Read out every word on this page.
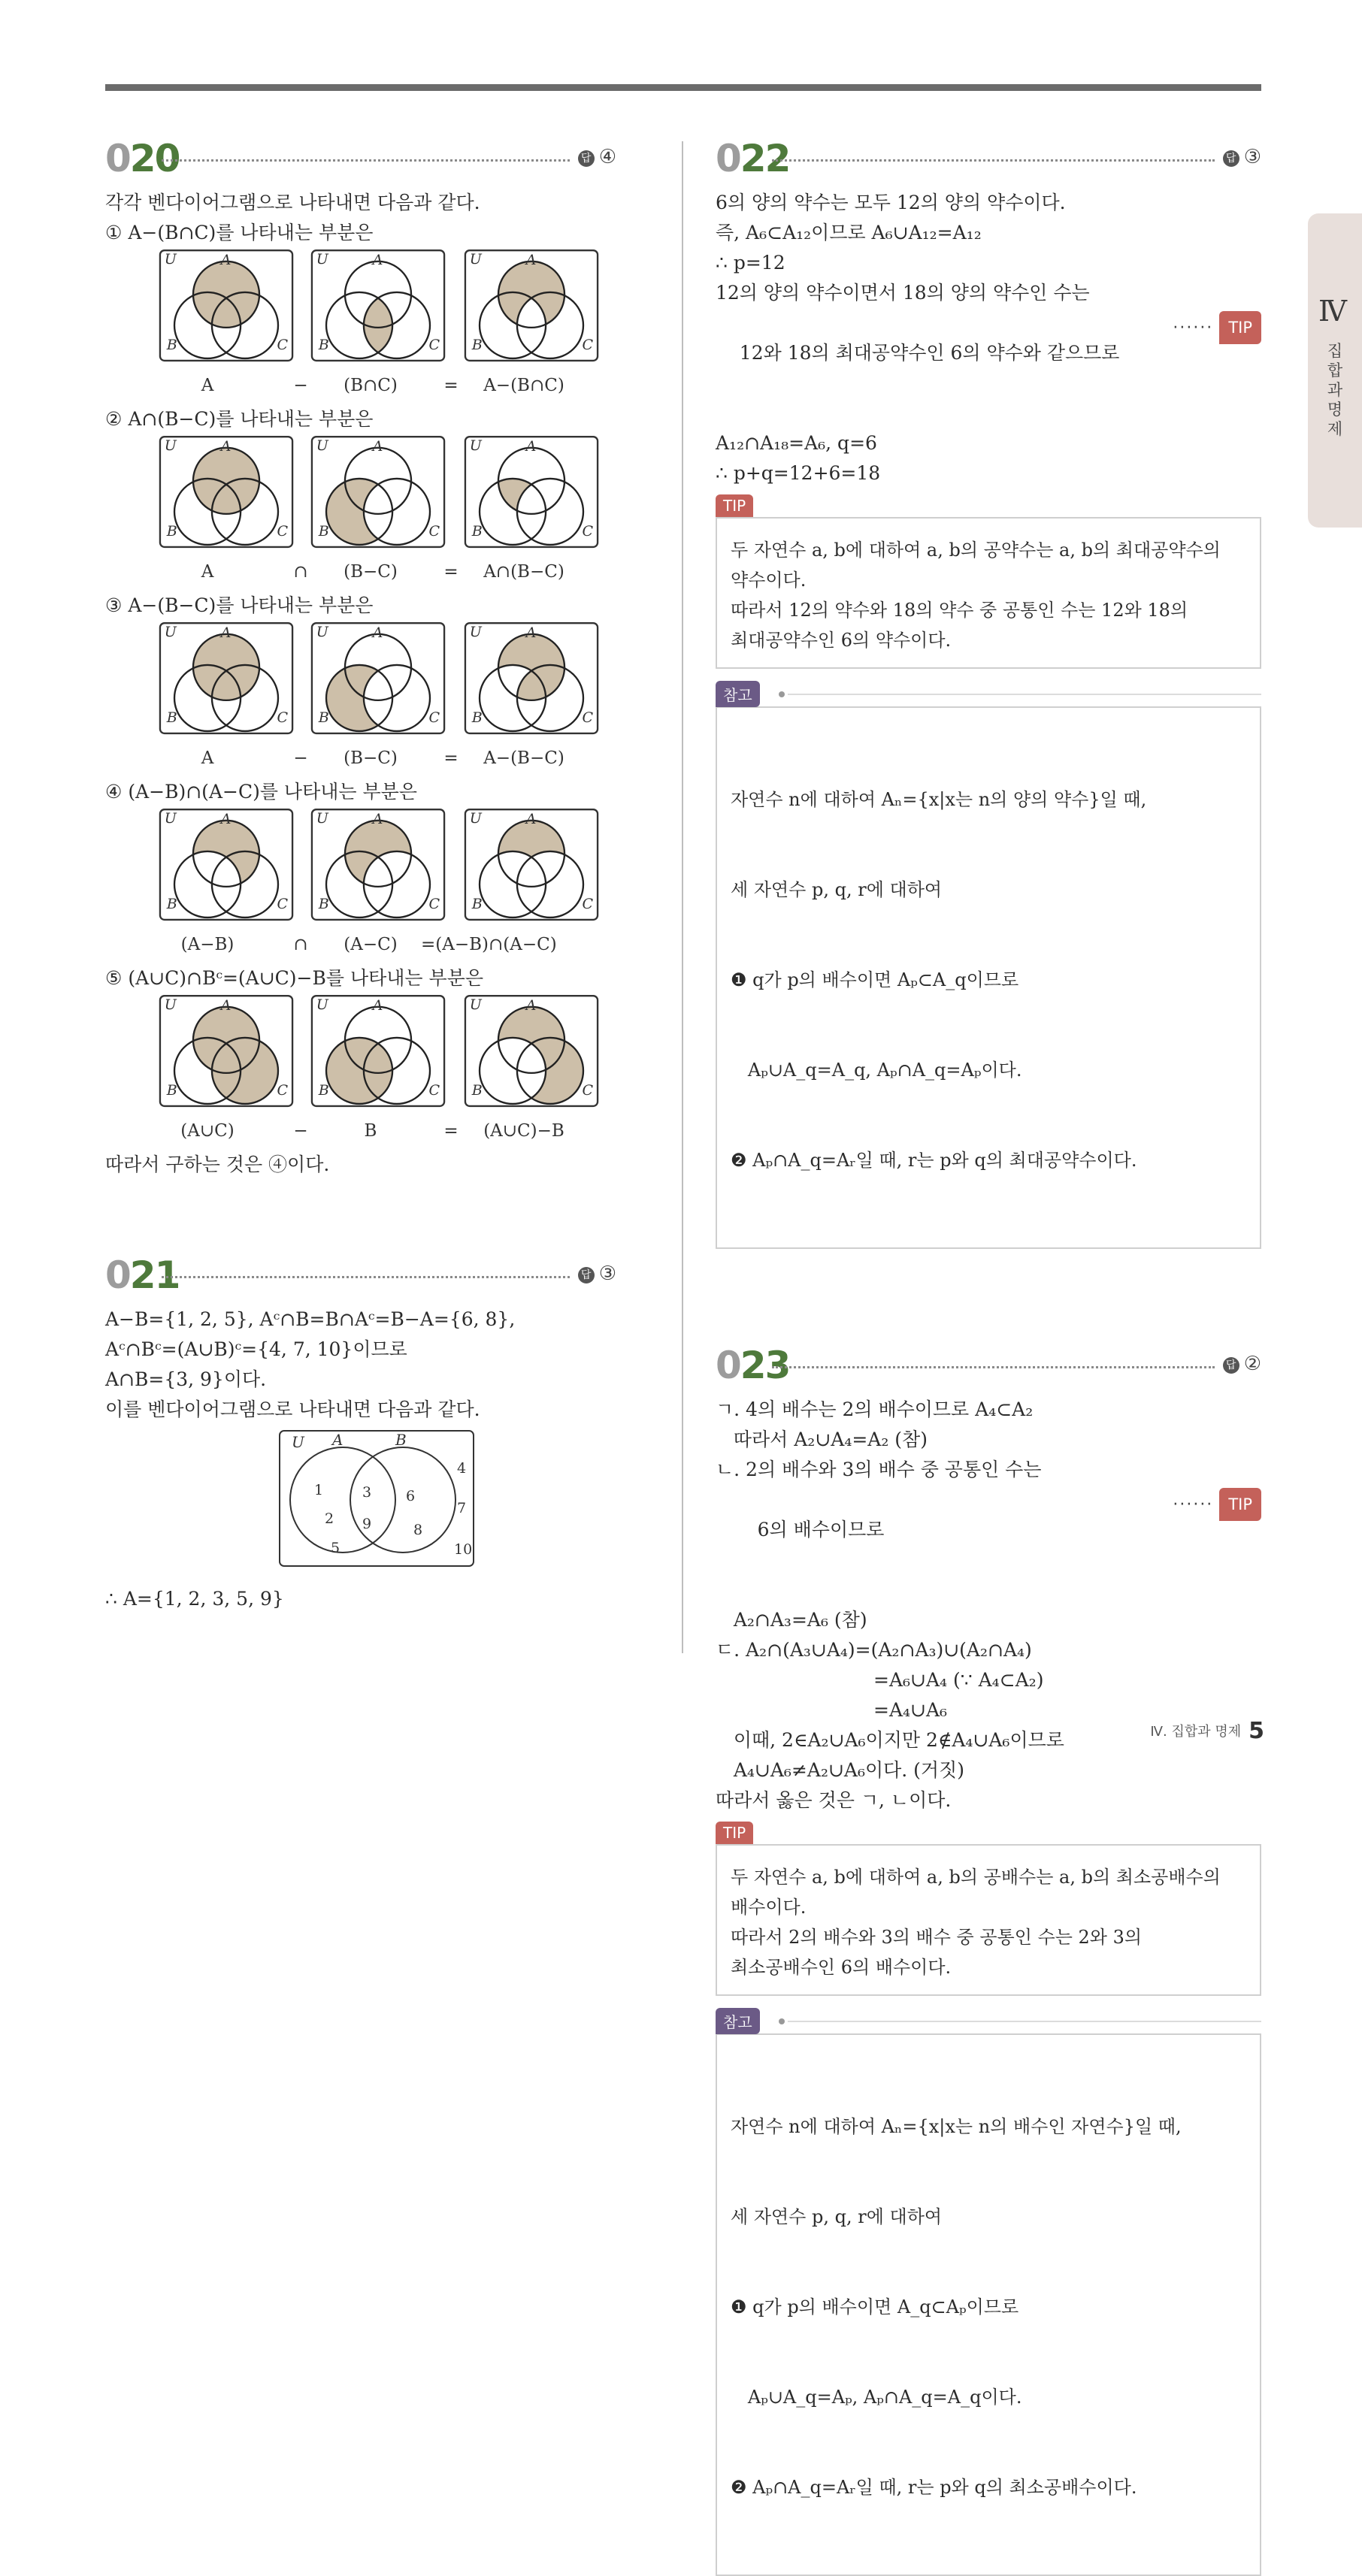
Ⅳ
집합과 명제
020	답 ④
각각 벤다이어그램으로 나타내면 다음과 같다.
① A−(B∩C)를 나타내는 부분은
U	A
B	C
U	A
B	C
U	A
B	C
A	−	(B∩C)	=	A−(B∩C)
② A∩(B−C)를 나타내는 부분은
U	A
B	C
U	A
B	C
U	A
B	C
A	∩	(B−C)	=	A∩(B−C)
③ A−(B−C)를 나타내는 부분은
U	A
B	C
U	A
B	C
U	A
B	C
A	−	(B−C)	=	A−(B−C)
④ (A−B)∩(A−C)를 나타내는 부분은
U	A
B	C
U	A
B	C
U	A
B	C
(A−B)	∩	(A−C)	=(A−B)∩(A−C)
⑤ (A∪C)∩Bᶜ=(A∪C)−B를 나타내는 부분은
U	A
B	C
U	A
B	C
U	A
B	C
(A∪C)	−	B	=	(A∪C)−B
따라서 구하는 것은 ④이다.
021	답 ③
A−B={1, 2, 5}, Aᶜ∩B=B∩Aᶜ=B−A={6, 8},
Aᶜ∩Bᶜ=(A∪B)ᶜ={4, 7, 10}이므로
A∩B={3, 9}이다.
이를 벤다이어그램으로 나타내면 다음과 같다.
U A	B
1
2
5
3
9
6
8
4
7
10
∴ A={1, 2, 3, 5, 9}
022	답 ③
6의 양의 약수는 모두 12의 양의 약수이다.
즉, A₆⊂A₁₂이므로 A₆∪A₁₂=A₁₂
∴ p=12
12의 양의 약수이면서 18의 양의 약수인 수는

12와 18의 최대공약수인 6의 약수와 같으므로

······ TIP

A₁₂∩A₁₈=A₆, q=6
∴ p+q=12+6=18
TIP
두 자연수 a, b에 대하여 a, b의 공약수는 a, b의 최대공약수의
약수이다.
따라서 12의 약수와 18의 약수 중 공통인 수는 12와 18의
최대공약수인 6의 약수이다.
참고

자연수 n에 대하여 Aₙ={x|x는 n의 양의 약수}일 때,

세 자연수 p, q, r에 대하여

❶ q가 p의 배수이면 Aₚ⊂A_q이므로

Aₚ∪A_q=A_q, Aₚ∩A_q=Aₚ이다.

❷ Aₚ∩A_q=Aᵣ일 때, r는 p와 q의 최대공약수이다.

023	답 ②
ㄱ. 4의 배수는 2의 배수이므로 A₄⊂A₂
따라서 A₂∪A₄=A₂ (참)
ㄴ. 2의 배수와 3의 배수 중 공통인 수는

6의 배수이므로

······ TIP

A₂∩A₃=A₆ (참)
ㄷ. A₂∩(A₃∪A₄)=(A₂∩A₃)∪(A₂∩A₄)
=A₆∪A₄ (∵ A₄⊂A₂)
=A₄∪A₆
이때, 2∈A₂∪A₆이지만 2∉A₄∪A₆이므로
A₄∪A₆≠A₂∪A₆이다. (거짓)
따라서 옳은 것은 ㄱ, ㄴ이다.
TIP
두 자연수 a, b에 대하여 a, b의 공배수는 a, b의 최소공배수의
배수이다.
따라서 2의 배수와 3의 배수 중 공통인 수는 2와 3의
최소공배수인 6의 배수이다.
참고

자연수 n에 대하여 Aₙ={x|x는 n의 배수인 자연수}일 때,

세 자연수 p, q, r에 대하여

❶ q가 p의 배수이면 A_q⊂Aₚ이므로

Aₚ∪A_q=Aₚ, Aₚ∩A_q=A_q이다.

❷ Aₚ∩A_q=Aᵣ일 때, r는 p와 q의 최소공배수이다.

Ⅳ. 집합과 명제 5
